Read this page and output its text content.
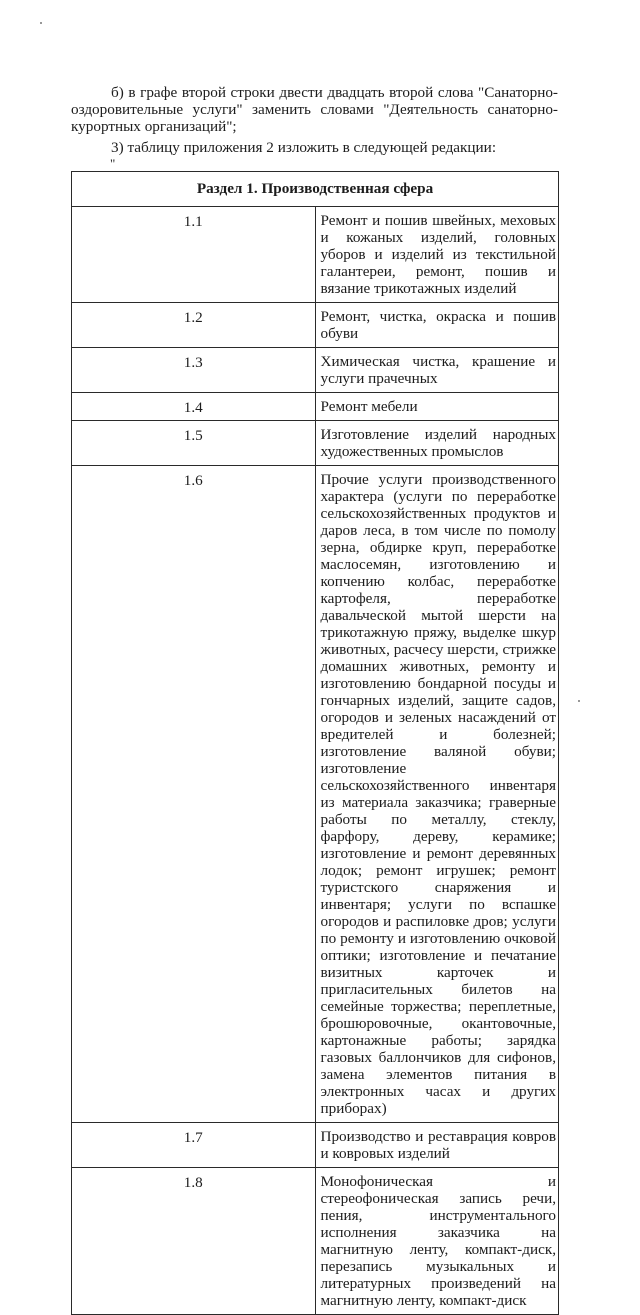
б) в графе второй строки двести двадцать второй слова "Санаторно-оздоровительные услуги" заменить словами "Деятельность санаторно-курортных организаций";

3) таблицу приложения 2 изложить в следующей редакции:

"
Раздел 1. Производственная сфера	
1.1	Ремонт и пошив швейных, меховых и кожаных изделий, головных уборов и изделий из текстильной галантереи, ремонт, пошив и вязание трикотажных изделий
1.2	Ремонт, чистка, окраска и пошив обуви
1.3	Химическая чистка, крашение и услуги прачечных
1.4	Ремонт мебели
1.5	Изготовление изделий народных художественных промыслов
1.6	Прочие услуги производственного характера (услуги по переработке сельскохозяйственных продуктов и даров леса, в том числе по помолу зерна, обдирке круп, переработке маслосемян, изготовлению и копчению колбас, переработке картофеля, переработке давальческой мытой шерсти на трикотажную пряжу, выделке шкур животных, расчесу шерсти, стрижке домашних животных, ремонту и изготовлению бондарной посуды и гончарных изделий, защите садов, огородов и зеленых насаждений от вредителей и болезней; изготовление валяной обуви; изготовление сельскохозяйственного инвентаря из материала заказчика; граверные работы по металлу, стеклу, фарфору, дереву, керамике; изготовление и ремонт деревянных лодок; ремонт игрушек; ремонт туристского снаряжения и инвентаря; услуги по вспашке огородов и распиловке дров; услуги по ремонту и изготовлению очковой оптики; изготовление и печатание визитных карточек и пригласительных билетов на семейные торжества; переплетные, брошюровочные, окантовочные, картонажные работы; зарядка газовых баллончиков для сифонов, замена элементов питания в электронных часах и других приборах)
1.7	Производство и реставрация ковров и ковровых изделий
1.8	Монофоническая и стереофоническая запись речи, пения, инструментального исполнения заказчика на магнитную ленту, компакт-диск, перезапись музыкальных и литературных произведений на магнитную ленту, компакт-диск
